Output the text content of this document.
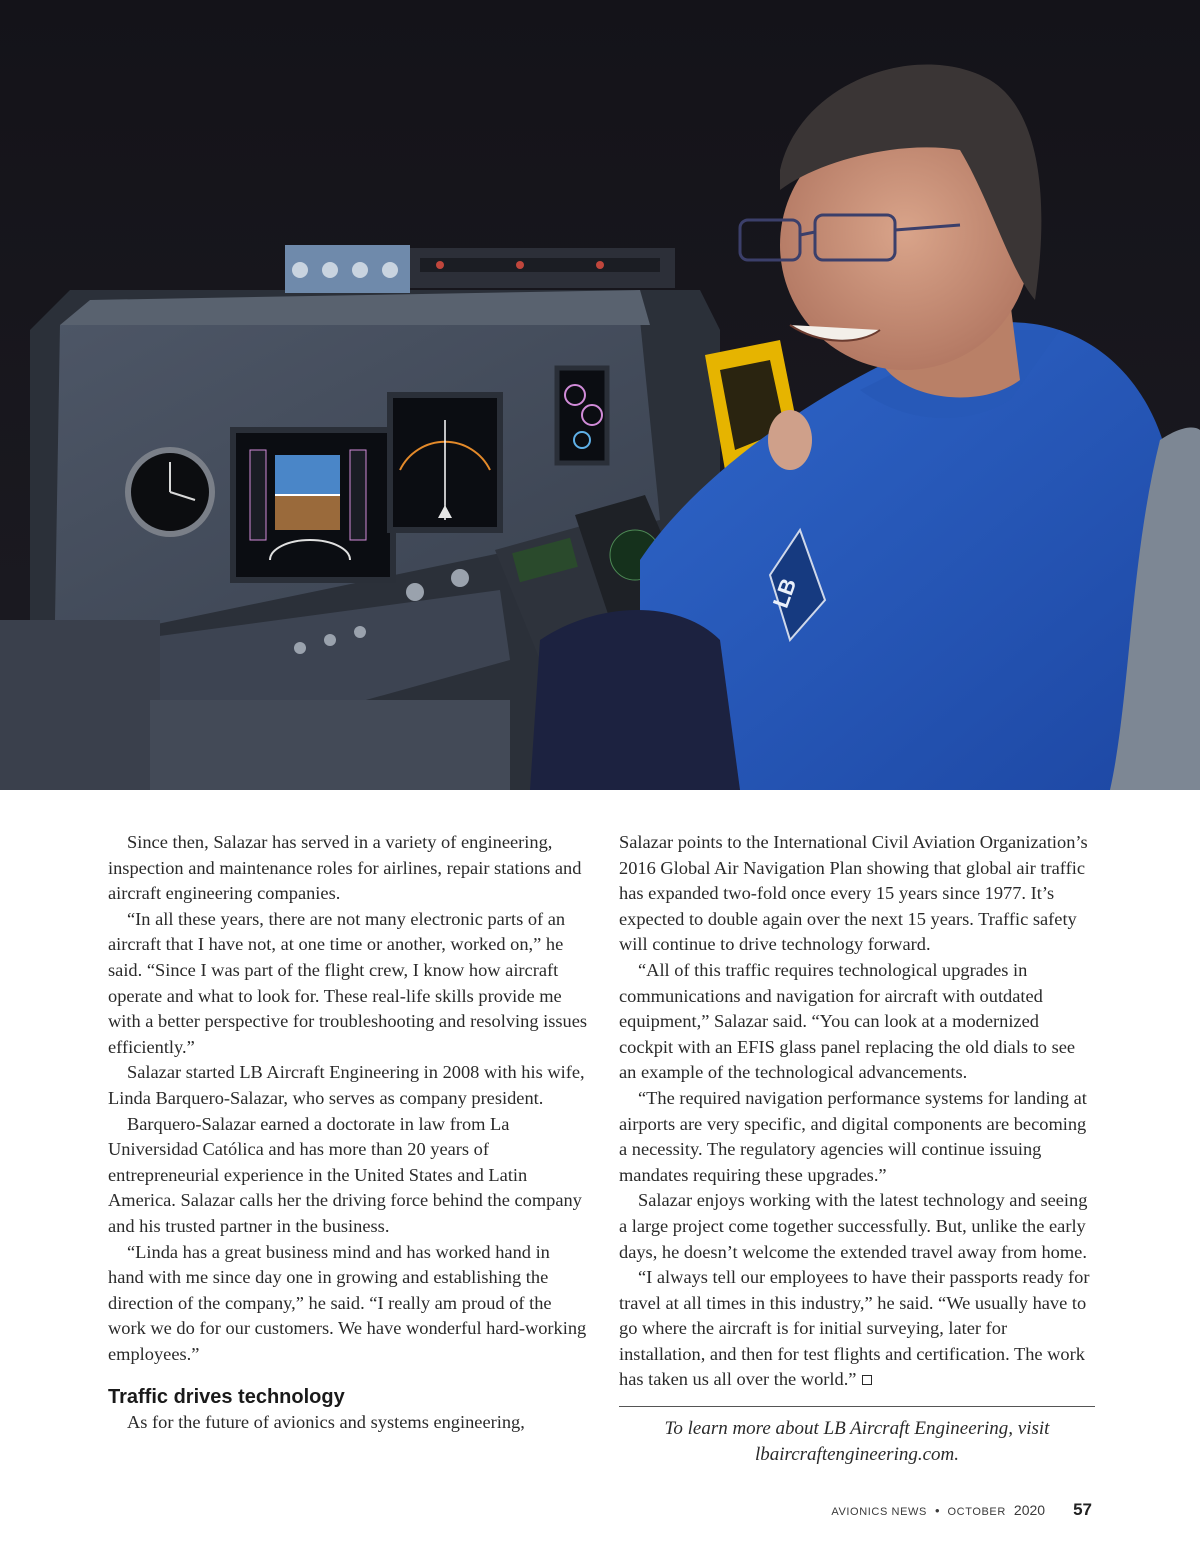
LB

Since then, Salazar has served in a variety of engineering, inspection and maintenance roles for airlines, repair stations and aircraft engineering companies.

“In all these years, there are not many electronic parts of an aircraft that I have not, at one time or another, worked on,” he said. “Since I was part of the flight crew, I know how aircraft operate and what to look for. These real-life skills provide me with a better perspective for troubleshooting and resolving issues efficiently.”

Salazar started LB Aircraft Engineering in 2008 with his wife, Linda Barquero-Salazar, who serves as company president.

Barquero-Salazar earned a doctorate in law from La Universidad Católica and has more than 20 years of entrepreneurial experience in the United States and Latin America. Salazar calls her the driving force behind the company and his trusted partner in the business.

“Linda has a great business mind and has worked hand in hand with me since day one in growing and establishing the direction of the company,” he said. “I really am proud of the work we do for our customers. We have wonderful hard-working employees.”

Traffic drives technology

As for the future of avionics and systems engineering,

Salazar points to the International Civil Aviation Organization’s 2016 Global Air Navigation Plan showing that global air traffic has expanded two-fold once every 15 years since 1977. It’s expected to double again over the next 15 years. Traffic safety will continue to drive technology forward.

“All of this traffic requires technological upgrades in communications and navigation for aircraft with outdated equipment,” Salazar said. “You can look at a modernized cockpit with an EFIS glass panel replacing the old dials to see an example of the technological advancements.

“The required navigation performance systems for landing at airports are very specific, and digital components are becoming a necessity. The regulatory agencies will continue issuing mandates requiring these upgrades.”

Salazar enjoys working with the latest technology and seeing a large project come together successfully. But, unlike the early days, he doesn’t welcome the extended travel away from home.

“I always tell our employees to have their passports ready for travel at all times in this industry,” he said. “We usually have to go where the aircraft is for initial surveying, later for installation, and then for test flights and certification. The work has taken us all over the world.”

To learn more about LB Aircraft Engineering, visit
lbaircraftengineering.com.
AVIONICS NEWS • OCTOBER 2020 57
